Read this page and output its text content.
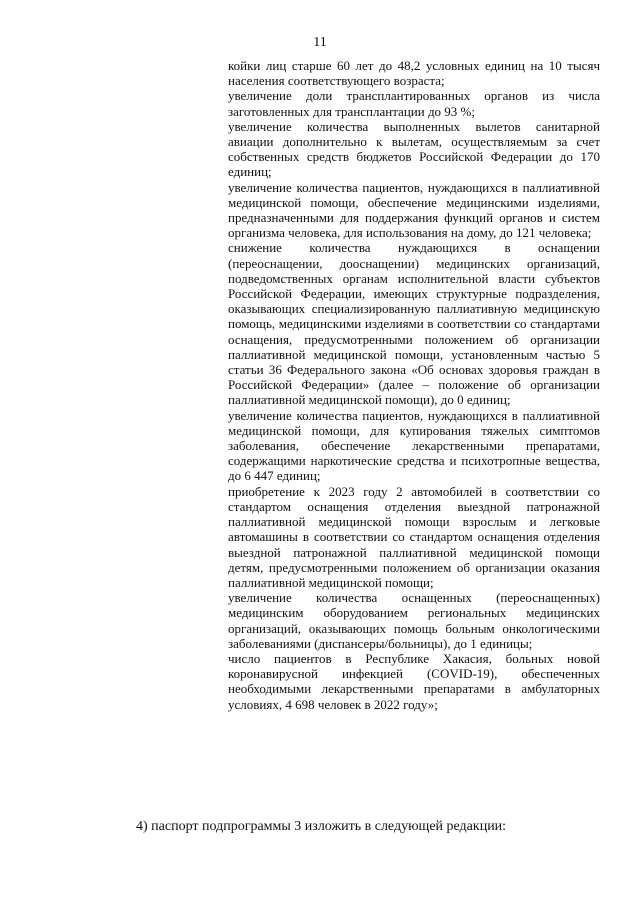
11

койки лиц старше 60 лет до 48,2 условных единиц на 10 тысяч населения соответствующего возраста;

увеличение доли трансплантированных органов из числа заготовленных для трансплантации до 93 %;

увеличение количества выполненных вылетов санитарной авиации дополнительно к вылетам, осуществляемым за счет собственных средств бюджетов Российской Федерации до 170 единиц;

увеличение количества пациентов, нуждающихся в паллиативной медицинской помощи, обеспечение медицинскими изделиями, предназначенными для поддержания функций органов и систем организма человека, для использования на дому, до 121 человека;

снижение количества нуждающихся в оснащении (переоснащении, дооснащении) медицинских организаций, подведомственных органам исполнительной власти субъектов Российской Федерации, имеющих структурные подразделения, оказывающих специализированную паллиативную медицинскую помощь, медицинскими изделиями в соответствии со стандартами оснащения, предусмотренными положением об организации паллиативной медицинской помощи, установленным частью 5 статьи 36 Федерального закона «Об основах здоровья граждан в Российской Федерации» (далее – положение об организации паллиативной медицинской помощи), до 0 единиц;

увеличение количества пациентов, нуждающихся в паллиативной медицинской помощи, для купирования тяжелых симптомов заболевания, обеспечение лекарственными препаратами, содержащими наркотические средства и психотропные вещества, до 6 447 единиц;

приобретение к 2023 году 2 автомобилей в соответствии со стандартом оснащения отделения выездной патронажной паллиативной медицинской помощи взрослым и легковые автомашины в соответствии со стандартом оснащения отделения выездной патронажной паллиативной медицинской помощи детям, предусмотренными положением об организации оказания паллиативной медицинской помощи;

увеличение количества оснащенных (переоснащенных) медицинским оборудованием региональных медицинских организаций, оказывающих помощь больным онкологическими заболеваниями (диспансеры/больницы), до 1 единицы;

число пациентов в Республике Хакасия, больных новой коронавирусной инфекцией (COVID-19), обеспеченных необходимыми лекарственными препаратами в амбулаторных условиях, 4 698 человек в 2022 году»;

4) паспорт подпрограммы 3 изложить в следующей редакции:
